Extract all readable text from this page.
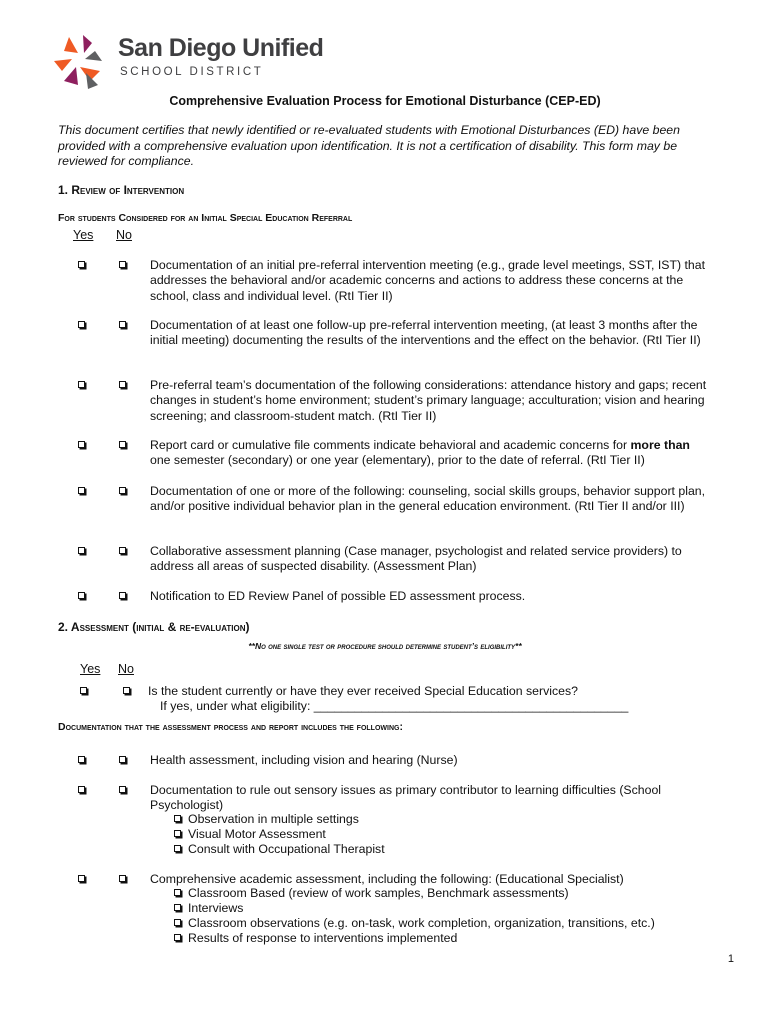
San Diego Unified
SCHOOL DISTRICT
Comprehensive Evaluation Process for Emotional Disturbance (CEP-ED)
This document certifies that newly identified or re-evaluated students with Emotional Disturbances (ED) have been provided with a comprehensive evaluation upon identification. It is not a certification of disability. This form may be reviewed for compliance.
1. Review of Intervention
For students Considered for an Initial Special Education Referral
Yes No
Documentation of an initial pre-referral intervention meeting (e.g., grade level meetings, SST, IST) that addresses the behavioral and/or academic concerns and actions to address these concerns at the school, class and individual level. (RtI Tier II)
Documentation of at least one follow-up pre-referral intervention meeting, (at least 3 months after the initial meeting) documenting the results of the interventions and the effect on the behavior. (RtI Tier II)
Pre-referral team’s documentation of the following considerations: attendance history and gaps; recent changes in student’s home environment; student’s primary language; acculturation; vision and hearing screening; and classroom-student match. (RtI Tier II)
Report card or cumulative file comments indicate behavioral and academic concerns for more than
one semester (secondary) or one year (elementary), prior to the date of referral. (RtI Tier II)
Documentation of one or more of the following: counseling, social skills groups, behavior support plan, and/or positive individual behavior plan in the general education environment. (RtI Tier II and/or III)
Collaborative assessment planning (Case manager, psychologist and related service providers) to address all areas of suspected disability. (Assessment Plan)
Notification to ED Review Panel of possible ED assessment process.
2. Assessment (initial & re-evaluation)
**No one single test or procedure should determine student’s eligibility**
Yes No
Is the student currently or have they ever received Special Education services?
If yes, under what eligibility: ______________________________________________
Documentation that the assessment process and report includes the following:
Health assessment, including vision and hearing (Nurse)
Documentation to rule out sensory issues as primary contributor to learning difficulties (School Psychologist)
Observation in multiple settings
Visual Motor Assessment
Consult with Occupational Therapist
Comprehensive academic assessment, including the following: (Educational Specialist)
Classroom Based (review of work samples, Benchmark assessments)
Interviews
Classroom observations (e.g. on-task, work completion, organization, transitions, etc.)
Results of response to interventions implemented
1
